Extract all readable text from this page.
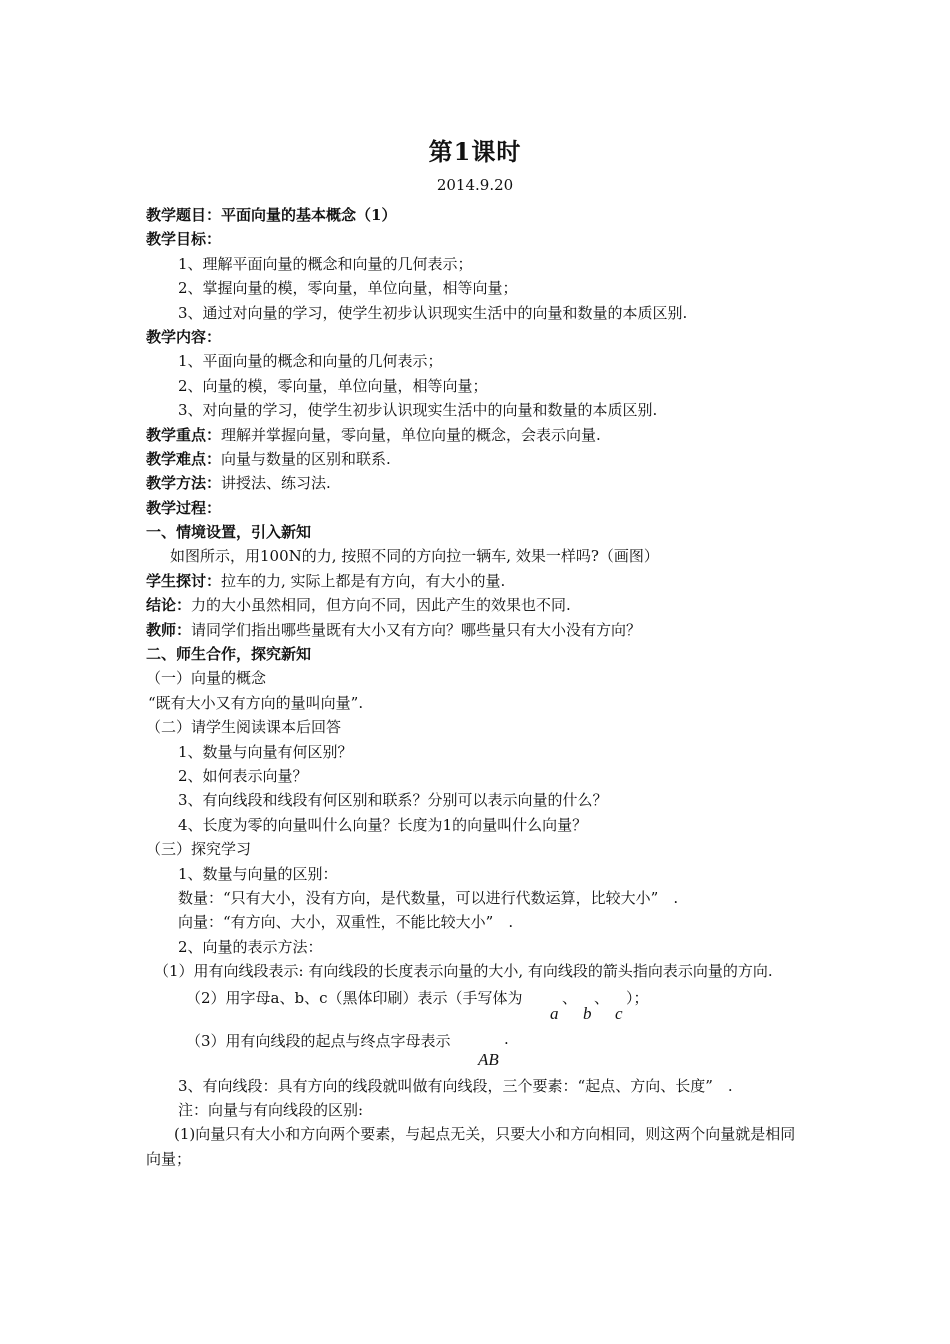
第1课时
2014.9.20
教学题目：平面向量的基本概念（1）
教学目标：
1、理解平面向量的概念和向量的几何表示；
2、掌握向量的模，零向量，单位向量，相等向量；
3、通过对向量的学习，使学生初步认识现实生活中的向量和数量的本质区别.
教学内容：
1、平面向量的概念和向量的几何表示；
2、向量的模，零向量，单位向量，相等向量；
3、对向量的学习，使学生初步认识现实生活中的向量和数量的本质区别.
教学重点：理解并掌握向量，零向量，单位向量的概念，会表示向量.
教学难点：向量与数量的区别和联系.
教学方法：讲授法、练习法.
教学过程：
一、情境设置，引入新知
如图所示，用100N的力, 按照不同的方向拉一辆车, 效果一样吗?（画图）
学生探讨：拉车的力, 实际上都是有方向，有大小的量.
结论：力的大小虽然相同，但方向不同，因此产生的效果也不同.
教师：请同学们指出哪些量既有大小又有方向？哪些量只有大小没有方向？
二、师生合作，探究新知
（一）向量的概念
“既有大小又有方向的量叫向量”.
（二）请学生阅读课本后回答
1、数量与向量有何区别？
2、如何表示向量？
3、有向线段和线段有何区别和联系？分别可以表示向量的什么？
4、长度为零的向量叫什么向量？长度为1的向量叫什么向量？
（三）探究学习
1、数量与向量的区别：
数量：“只有大小，没有方向，是代数量，可以进行代数运算，比较大小”　.
向量：“有方向、大小，双重性，不能比较大小”　.
2、向量的表示方法：
（1）用有向线段表示: 有向线段的长度表示向量的大小, 有向线段的箭头指向表示向量的方向.
（2）用字母a、b、c（黑体印刷）表示（手写体为	、 、 ）；
a b c
（3）用有向线段的起点与终点字母表示	.
AB
3、有向线段：具有方向的线段就叫做有向线段，三个要素：“起点、方向、长度”　.
注：向量与有向线段的区别:
(1)向量只有大小和方向两个要素，与起点无关，只要大小和方向相同，则这两个向量就是相同向量；
